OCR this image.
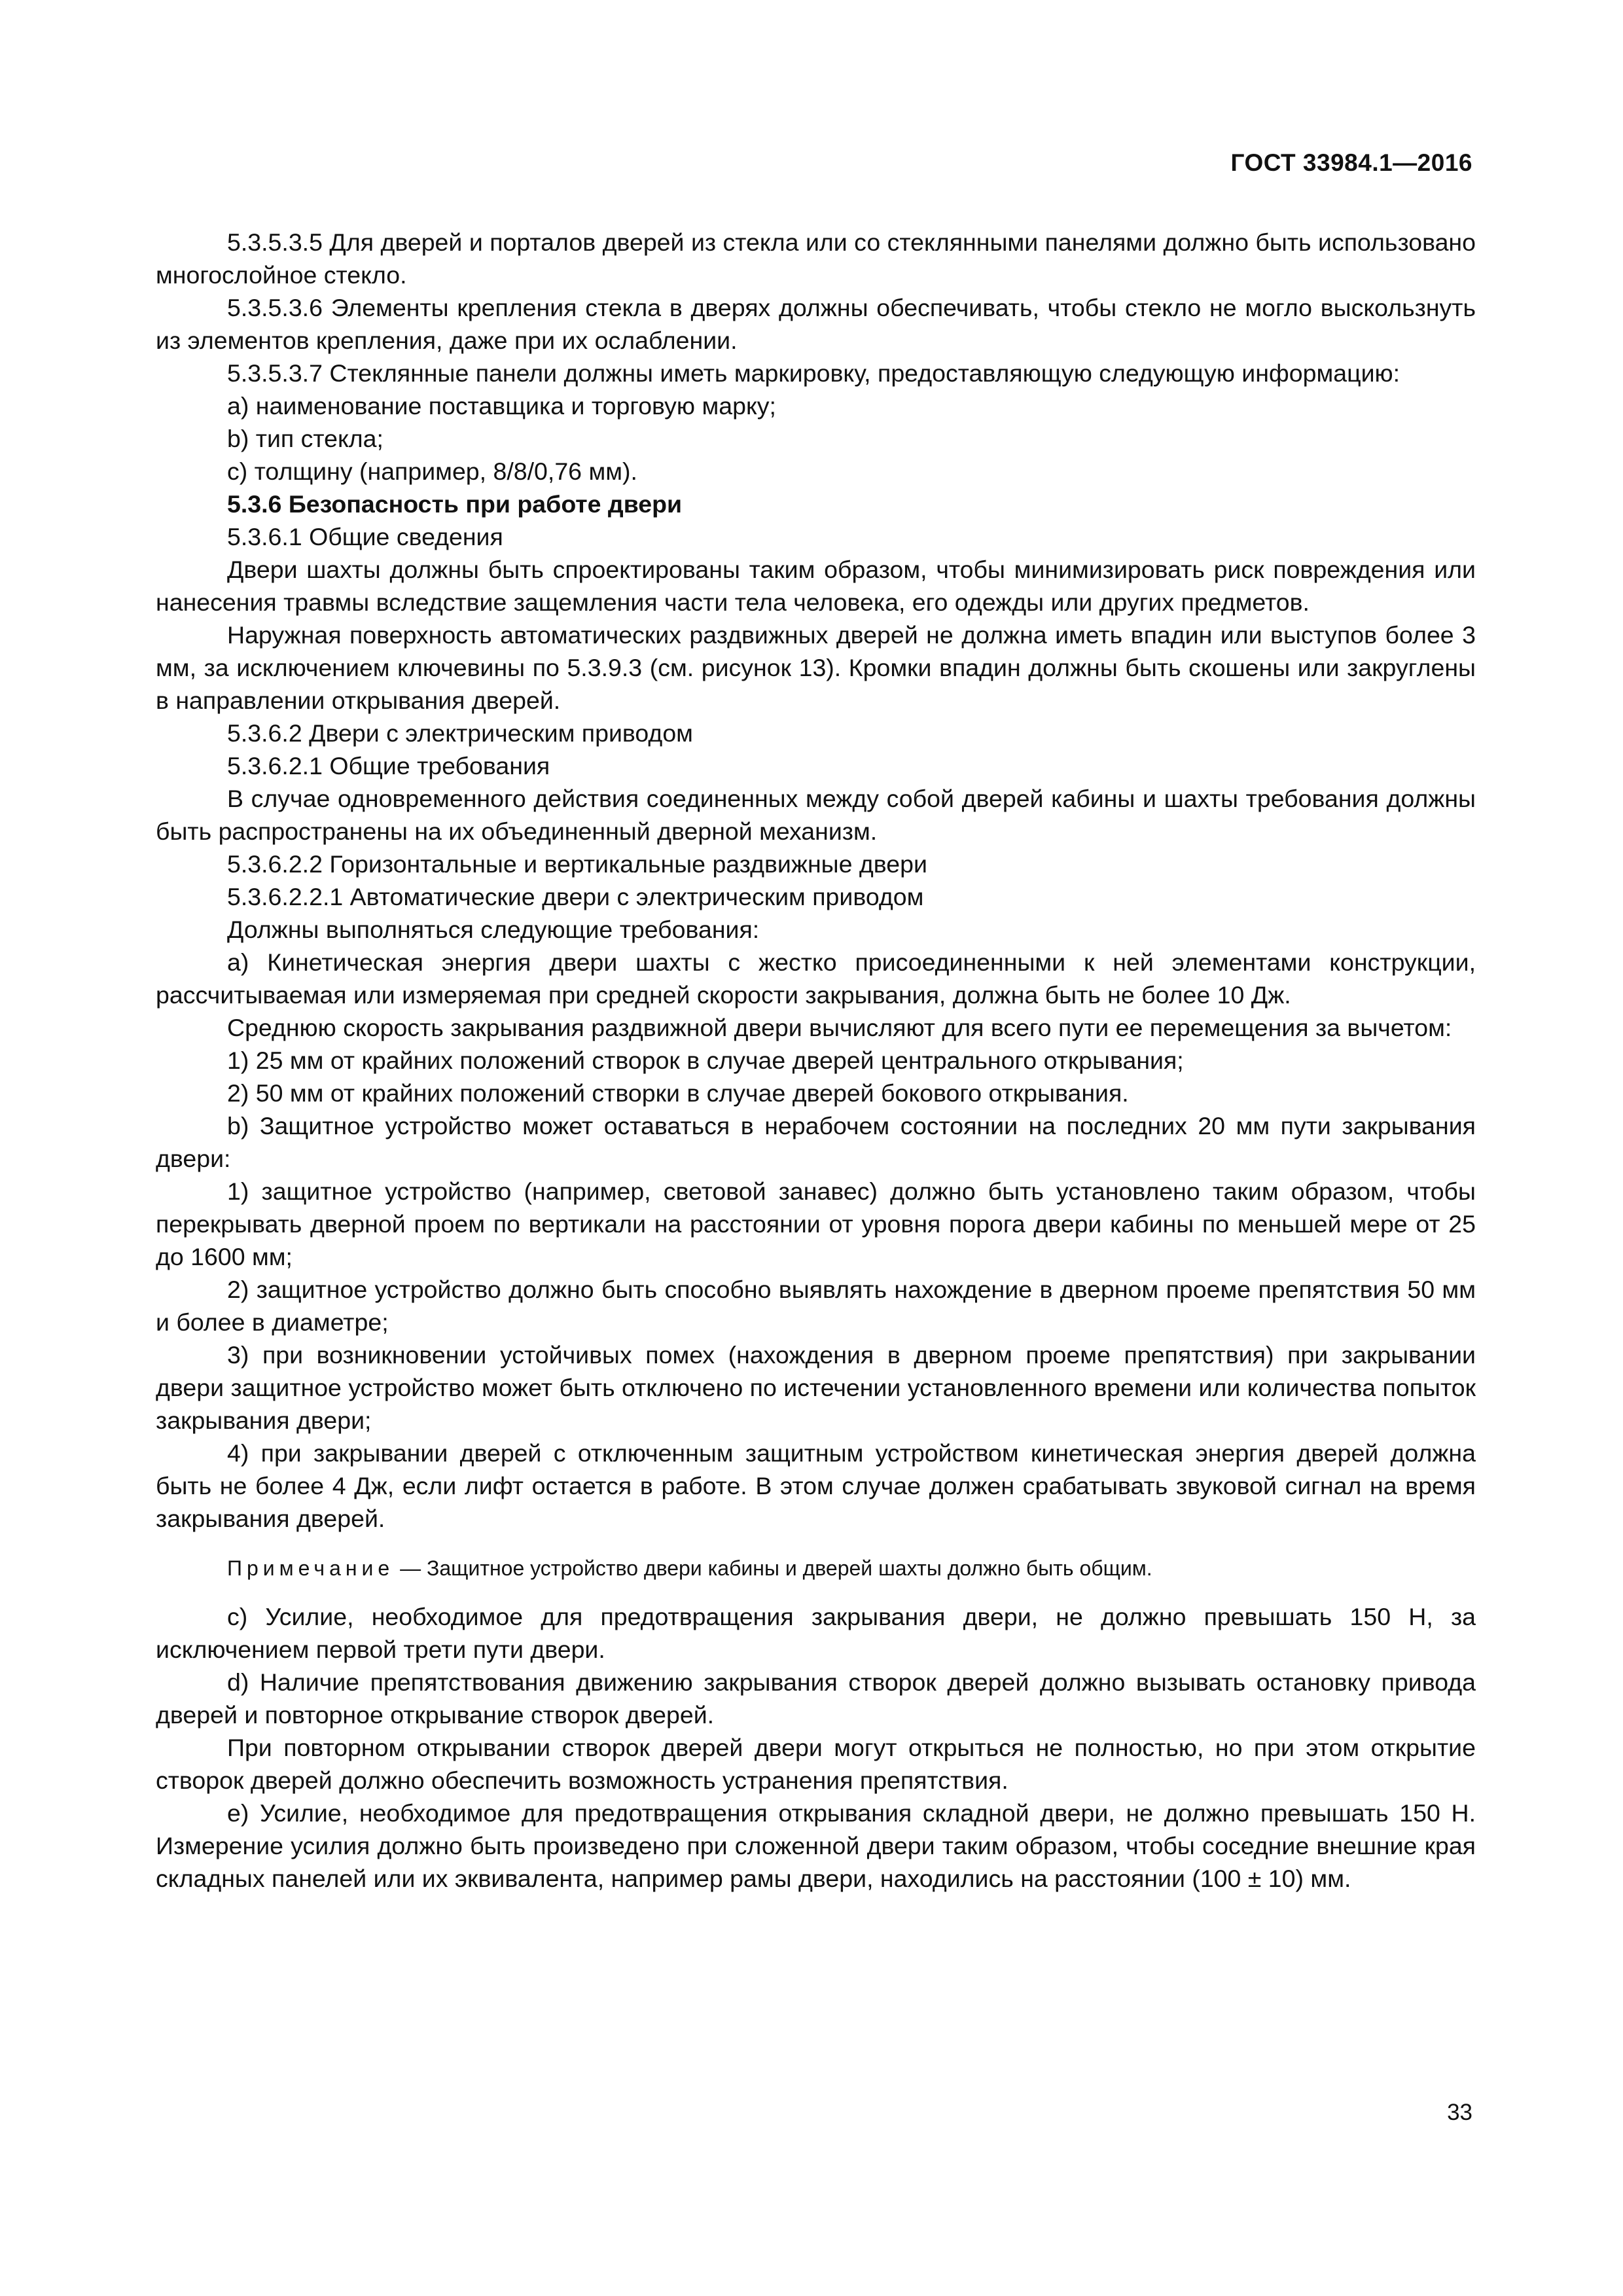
ГОСТ 33984.1—2016

5.3.5.3.5 Для дверей и порталов дверей из стекла или со стеклянными панелями должно быть использовано многослойное стекло.

5.3.5.3.6 Элементы крепления стекла в дверях должны обеспечивать, чтобы стекло не могло выскользнуть из элементов крепления, даже при их ослаблении.

5.3.5.3.7 Стеклянные панели должны иметь маркировку, предоставляющую следующую информацию:

a) наименование поставщика и торговую марку;

b) тип стекла;

c) толщину (например, 8/8/0,76 мм).

5.3.6 Безопасность при работе двери

5.3.6.1 Общие сведения

Двери шахты должны быть спроектированы таким образом, чтобы минимизировать риск повреждения или нанесения травмы вследствие защемления части тела человека, его одежды или других предметов.

Наружная поверхность автоматических раздвижных дверей не должна иметь впадин или выступов более 3 мм, за исключением ключевины по 5.3.9.3 (см. рисунок 13). Кромки впадин должны быть скошены или закруглены в направлении открывания дверей.

5.3.6.2 Двери с электрическим приводом

5.3.6.2.1 Общие требования

В случае одновременного действия соединенных между собой дверей кабины и шахты требования должны быть распространены на их объединенный дверной механизм.

5.3.6.2.2 Горизонтальные и вертикальные раздвижные двери

5.3.6.2.2.1 Автоматические двери с электрическим приводом

Должны выполняться следующие требования:

a) Кинетическая энергия двери шахты с жестко присоединенными к ней элементами конструкции, рассчитываемая или измеряемая при средней скорости закрывания, должна быть не более 10 Дж.

Среднюю скорость закрывания раздвижной двери вычисляют для всего пути ее перемещения за вычетом:

1) 25 мм от крайних положений створок в случае дверей центрального открывания;

2) 50 мм от крайних положений створки в случае дверей бокового открывания.

b) Защитное устройство может оставаться в нерабочем состоянии на последних 20 мм пути закрывания двери:

1) защитное устройство (например, световой занавес) должно быть установлено таким образом, чтобы перекрывать дверной проем по вертикали на расстоянии от уровня порога двери кабины по меньшей мере от 25 до 1600 мм;

2) защитное устройство должно быть способно выявлять нахождение в дверном проеме препятствия 50 мм и более в диаметре;

3) при возникновении устойчивых помех (нахождения в дверном проеме препятствия) при закрывании двери защитное устройство может быть отключено по истечении установленного времени или количества попыток закрывания двери;

4) при закрывании дверей с отключенным защитным устройством кинетическая энергия дверей должна быть не более 4 Дж, если лифт остается в работе. В этом случае должен срабатывать звуковой сигнал на время закрывания дверей.

Примечание — Защитное устройство двери кабины и дверей шахты должно быть общим.

c) Усилие, необходимое для предотвращения закрывания двери, не должно превышать 150 Н, за исключением первой трети пути двери.

d) Наличие препятствования движению закрывания створок дверей должно вызывать остановку привода дверей и повторное открывание створок дверей.

При повторном открывании створок дверей двери могут открыться не полностью, но при этом открытие створок дверей должно обеспечить возможность устранения препятствия.

e) Усилие, необходимое для предотвращения открывания складной двери, не должно превышать 150 Н. Измерение усилия должно быть произведено при сложенной двери таким образом, чтобы соседние внешние края складных панелей или их эквивалента, например рамы двери, находились на расстоянии (100 ± 10) мм.

33
